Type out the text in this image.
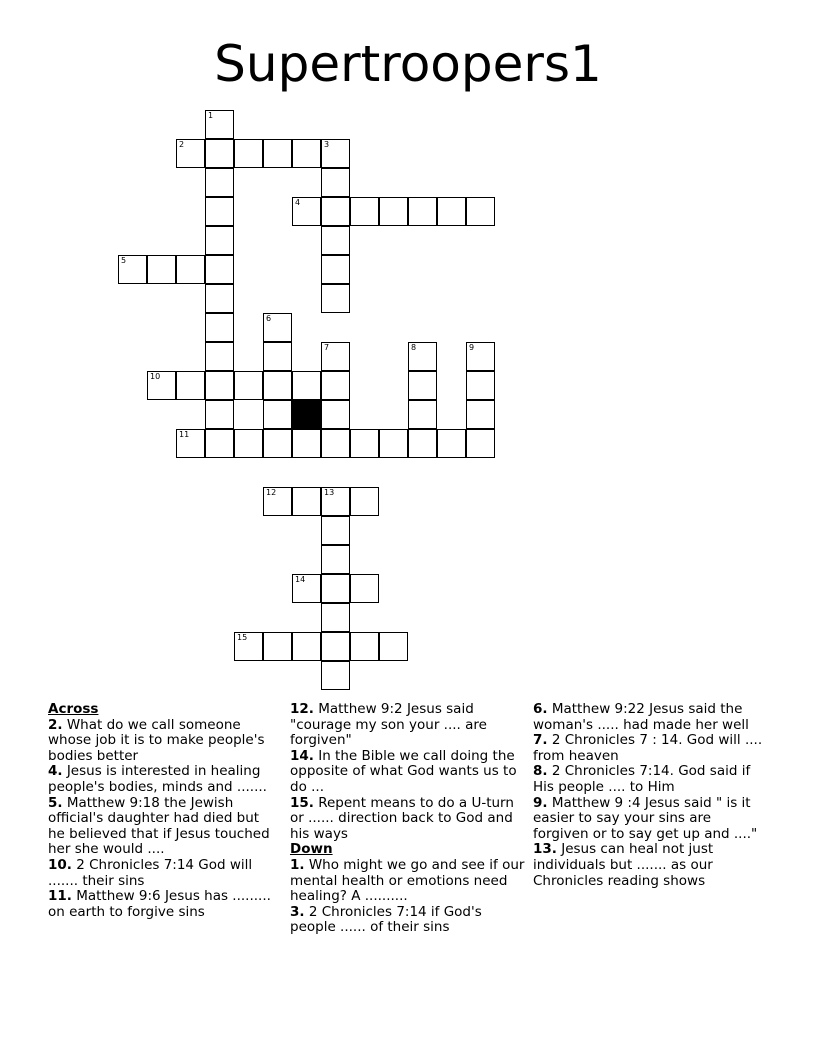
Supertroopers1
2	3
4
5
10
11
12	13
14
15
1
6
7	8	9
Across
2. What do we call someone whose job it is to make people's bodies better
4. Jesus is interested in healing people's bodies, minds and .......
5. Matthew 9:18 the Jewish official's daughter had died but he believed that if Jesus touched her she would ....
10. 2 Chronicles 7:14 God will ....... their sins
11. Matthew 9:6 Jesus has ......... on earth to forgive sins
12. Matthew 9:2 Jesus said "courage my son your .... are forgiven"
14. In the Bible we call doing the opposite of what God wants us to do ...
15. Repent means to do a U-turn or ...... direction back to God and his ways
Down
1. Who might we go and see if our mental health or emotions need healing? A ..........
3. 2 Chronicles 7:14 if God's people ...... of their sins
6. Matthew 9:22 Jesus said the woman's ..... had made her well
7. 2 Chronicles 7 : 14. God will .... from heaven
8. 2 Chronicles 7:14. God said if His people .... to Him
9. Matthew 9 :4 Jesus said " is it easier to say your sins are forgiven or to say get up and ...."
13. Jesus can heal not just individuals but ....... as our Chronicles reading shows
